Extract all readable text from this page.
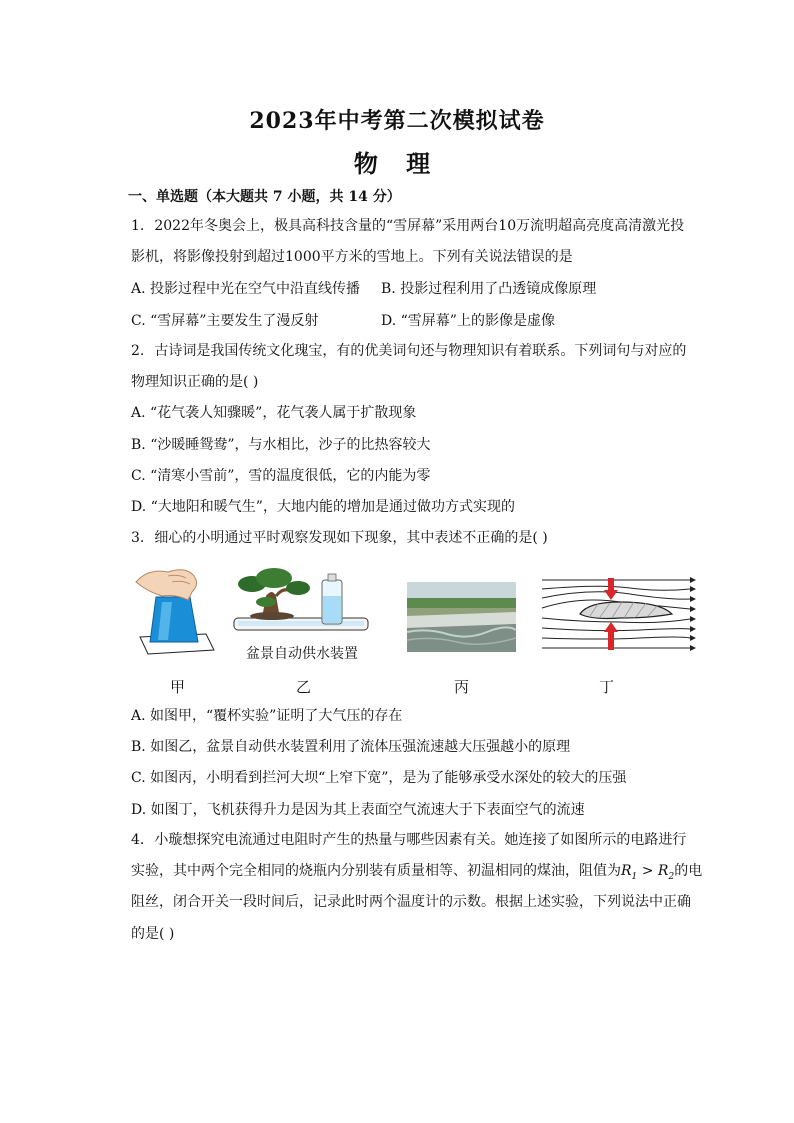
2023年中考第二次模拟试卷
物 理
一、单选题（本大题共 7 小题，共 14 分）
1. 2022年冬奥会上，极具高科技含量的“雪屏幕”采用两台10万流明超高亮度高清激光投
影机，将影像投射到超过1000平方米的雪地上。下列有关说法错误的是
A. 投影过程中光在空气中沿直线传播 B. 投影过程利用了凸透镜成像原理
C. “雪屏幕”主要发生了漫反射	D. “雪屏幕”上的影像是虚像
2. 古诗词是我国传统文化瑰宝，有的优美词句还与物理知识有着联系。下列词句与对应的
物理知识正确的是( )
A. “花气袭人知骤暖”，花气袭人属于扩散现象
B. “沙暖睡鸳鸯”，与水相比，沙子的比热容较大
C. “清寒小雪前”，雪的温度很低，它的内能为零
D. “大地阳和暖气生”，大地内能的增加是通过做功方式实现的
3. 细心的小明通过平时观察发现如下现象，其中表述不正确的是( )
盆景自动供水装置
甲	乙	丙	丁
A. 如图甲，“覆杯实验”证明了大气压的存在
B. 如图乙，盆景自动供水装置利用了流体压强流速越大压强越小的原理
C. 如图丙，小明看到拦河大坝“上窄下宽”，是为了能够承受水深处的较大的压强
D. 如图丁，飞机获得升力是因为其上表面空气流速大于下表面空气的流速
4. 小璇想探究电流通过电阻时产生的热量与哪些因素有关。她连接了如图所示的电路进行
实验，其中两个完全相同的烧瓶内分别装有质量相等、初温相同的煤油，阻值为$R_1 > R_2$的电
阻丝，闭合开关一段时间后，记录此时两个温度计的示数。根据上述实验，下列说法中正确
的是( )
